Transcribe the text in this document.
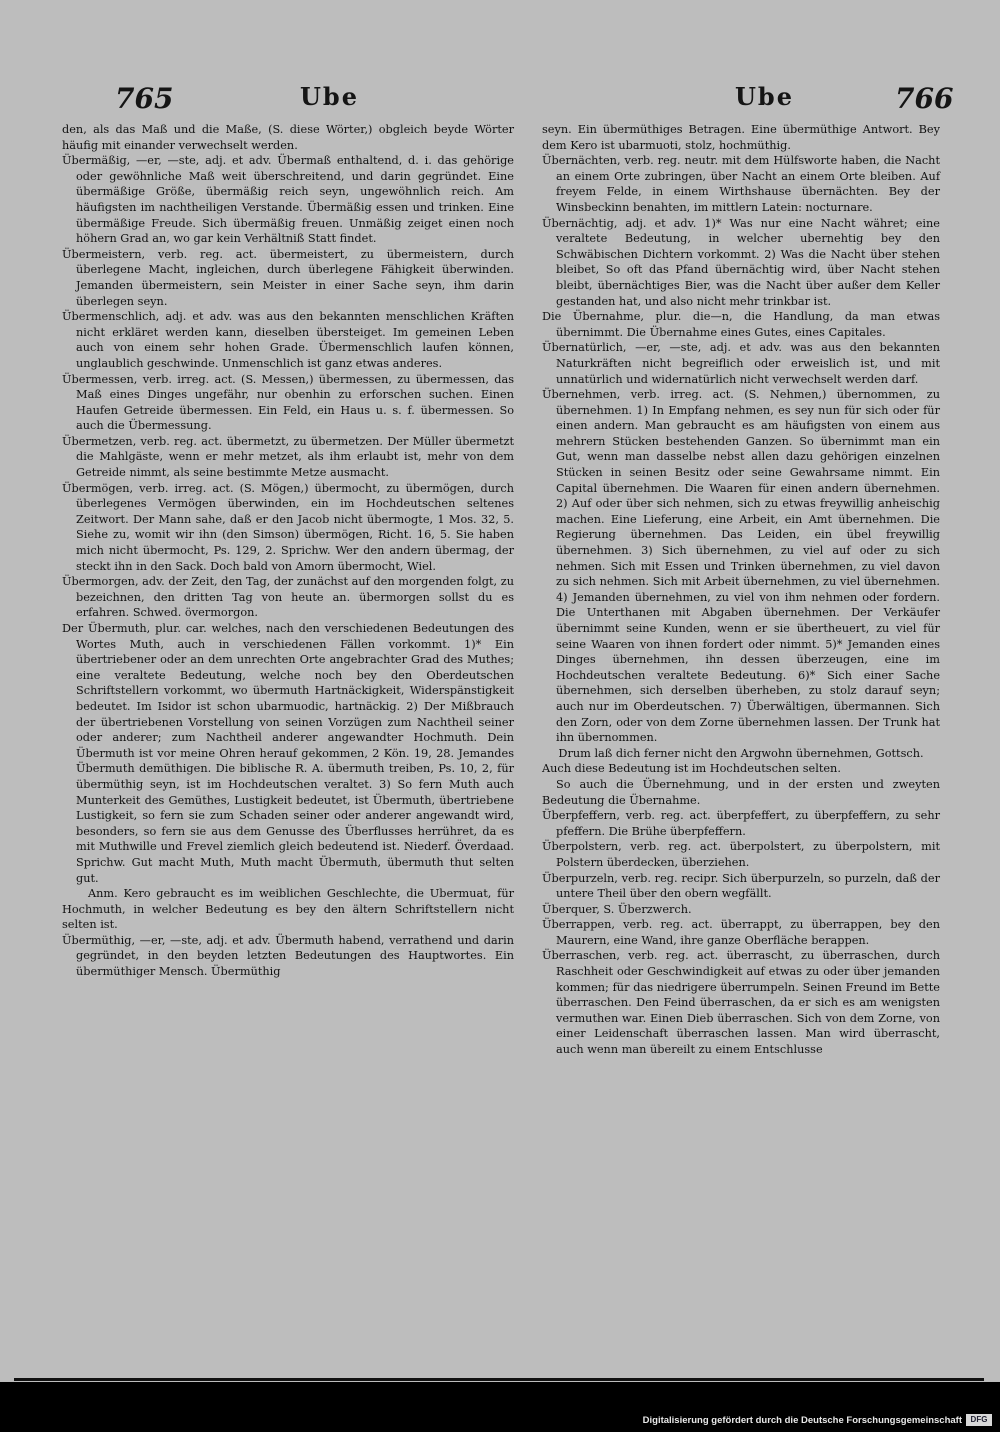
765	Ube	Ube	766

den, als das Maß und die Maße, (S. diese Wörter,) obgleich beyde Wörter häufig mit einander verwechselt werden.

Übermäßig, —er, —ste, adj. et adv. Übermaß enthaltend, d. i. das gehörige oder gewöhnliche Maß weit überschreitend, und darin gegründet. Eine übermäßige Größe, übermäßig reich seyn, ungewöhnlich reich. Am häufigsten im nachtheiligen Verstande. Übermäßig essen und trinken. Eine übermäßige Freude. Sich übermäßig freuen. Unmäßig zeiget einen noch höhern Grad an, wo gar kein Verhältniß Statt findet.

Übermeistern, verb. reg. act. übermeistert, zu übermeistern, durch überlegene Macht, ingleichen, durch überlegene Fähigkeit überwinden. Jemanden übermeistern, sein Meister in einer Sache seyn, ihm darin überlegen seyn.

Übermenschlich, adj. et adv. was aus den bekannten menschlichen Kräften nicht erkläret werden kann, dieselben übersteiget. Im gemeinen Leben auch von einem sehr hohen Grade. Übermenschlich laufen können, unglaublich geschwinde. Unmenschlich ist ganz etwas anderes.

Übermessen, verb. irreg. act. (S. Messen,) übermessen, zu übermessen, das Maß eines Dinges ungefähr, nur obenhin zu erforschen suchen. Einen Haufen Getreide übermessen. Ein Feld, ein Haus u. s. f. übermessen. So auch die Übermessung.

Übermetzen, verb. reg. act. übermetzt, zu übermetzen. Der Müller übermetzt die Mahlgäste, wenn er mehr metzet, als ihm erlaubt ist, mehr von dem Getreide nimmt, als seine bestimmte Metze ausmacht.

Übermögen, verb. irreg. act. (S. Mögen,) übermocht, zu übermögen, durch überlegenes Vermögen überwinden, ein im Hochdeutschen seltenes Zeitwort. Der Mann sahe, daß er den Jacob nicht übermogte, 1 Mos. 32, 5. Siehe zu, womit wir ihn (den Simson) übermögen, Richt. 16, 5. Sie haben mich nicht übermocht, Ps. 129, 2. Sprichw. Wer den andern übermag, der steckt ihn in den Sack. Doch bald von Amorn übermocht, Wiel.

Übermorgen, adv. der Zeit, den Tag, der zunächst auf den morgenden folgt, zu bezeichnen, den dritten Tag von heute an. übermorgen sollst du es erfahren. Schwed. övermorgon.

Der Übermuth, plur. car. welches, nach den verschiedenen Bedeutungen des Wortes Muth, auch in verschiedenen Fällen vorkommt. 1)* Ein übertriebener oder an dem unrechten Orte angebrachter Grad des Muthes; eine veraltete Bedeutung, welche noch bey den Oberdeutschen Schriftstellern vorkommt, wo übermuth Hartnäckigkeit, Widerspänstigkeit bedeutet. Im Isidor ist schon ubarmuodic, hartnäckig. 2) Der Mißbrauch der übertriebenen Vorstellung von seinen Vorzügen zum Nachtheil seiner oder anderer; zum Nachtheil anderer angewandter Hochmuth. Dein Übermuth ist vor meine Ohren herauf gekommen, 2 Kön. 19, 28. Jemandes Übermuth demüthigen. Die biblische R. A. übermuth treiben, Ps. 10, 2, für übermüthig seyn, ist im Hochdeutschen veraltet. 3) So fern Muth auch Munterkeit des Gemüthes, Lustigkeit bedeutet, ist Übermuth, übertriebene Lustigkeit, so fern sie zum Schaden seiner oder anderer angewandt wird, besonders, so fern sie aus dem Genusse des Überflusses herrühret, da es mit Muthwille und Frevel ziemlich gleich bedeutend ist. Niederf. Överdaad. Sprichw. Gut macht Muth, Muth macht Übermuth, übermuth thut selten gut.

Anm. Kero gebraucht es im weiblichen Geschlechte, die Ubermuat, für Hochmuth, in welcher Bedeutung es bey den ältern Schriftstellern nicht selten ist.

Übermüthig, —er, —ste, adj. et adv. Übermuth habend, verrathend und darin gegründet, in den beyden letzten Bedeutungen des Hauptwortes. Ein übermüthiger Mensch. Übermüthig

seyn. Ein übermüthiges Betragen. Eine übermüthige Antwort. Bey dem Kero ist ubarmuoti, stolz, hochmüthig.

Übernächten, verb. reg. neutr. mit dem Hülfsworte haben, die Nacht an einem Orte zubringen, über Nacht an einem Orte bleiben. Auf freyem Felde, in einem Wirthshause übernächten. Bey der Winsbeckinn benahten, im mittlern Latein: nocturnare.

Übernächtig, adj. et adv. 1)* Was nur eine Nacht währet; eine veraltete Bedeutung, in welcher ubernehtig bey den Schwäbischen Dichtern vorkommt. 2) Was die Nacht über stehen bleibet, So oft das Pfand übernächtig wird, über Nacht stehen bleibt, übernächtiges Bier, was die Nacht über außer dem Keller gestanden hat, und also nicht mehr trinkbar ist.

Die Übernahme, plur. die—n, die Handlung, da man etwas übernimmt. Die Übernahme eines Gutes, eines Capitales.

Übernatürlich, —er, —ste, adj. et adv. was aus den bekannten Naturkräften nicht begreiflich oder erweislich ist, und mit unnatürlich und widernatürlich nicht verwechselt werden darf.

Übernehmen, verb. irreg. act. (S. Nehmen,) übernommen, zu übernehmen. 1) In Empfang nehmen, es sey nun für sich oder für einen andern. Man gebraucht es am häufigsten von einem aus mehrern Stücken bestehenden Ganzen. So übernimmt man ein Gut, wenn man dasselbe nebst allen dazu gehörigen einzelnen Stücken in seinen Besitz oder seine Gewahrsame nimmt. Ein Capital übernehmen. Die Waaren für einen andern übernehmen. 2) Auf oder über sich nehmen, sich zu etwas freywillig anheischig machen. Eine Lieferung, eine Arbeit, ein Amt übernehmen. Die Regierung übernehmen. Das Leiden, ein übel freywillig übernehmen. 3) Sich übernehmen, zu viel auf oder zu sich nehmen. Sich mit Essen und Trinken übernehmen, zu viel davon zu sich nehmen. Sich mit Arbeit übernehmen, zu viel übernehmen. 4) Jemanden übernehmen, zu viel von ihm nehmen oder fordern. Die Unterthanen mit Abgaben übernehmen. Der Verkäufer übernimmt seine Kunden, wenn er sie übertheuert, zu viel für seine Waaren von ihnen fordert oder nimmt. 5)* Jemanden eines Dinges übernehmen, ihn dessen überzeugen, eine im Hochdeutschen veraltete Bedeutung. 6)* Sich einer Sache übernehmen, sich derselben überheben, zu stolz darauf seyn; auch nur im Oberdeutschen. 7) Überwältigen, übermannen. Sich den Zorn, oder von dem Zorne übernehmen lassen. Der Trunk hat ihn übernommen.

Drum laß dich ferner nicht den Argwohn übernehmen, Gottsch.

Auch diese Bedeutung ist im Hochdeutschen selten.

So auch die Übernehmung, und in der ersten und zweyten Bedeutung die Übernahme.

Überpfeffern, verb. reg. act. überpfeffert, zu überpfeffern, zu sehr pfeffern. Die Brühe überpfeffern.

Überpolstern, verb. reg. act. überpolstert, zu überpolstern, mit Polstern überdecken, überziehen.

Überpurzeln, verb. reg. recipr. Sich überpurzeln, so purzeln, daß der untere Theil über den obern wegfällt.

Überquer, S. Überzwerch.

Überrappen, verb. reg. act. überrappt, zu überrappen, bey den Maurern, eine Wand, ihre ganze Oberfläche berappen.

Überraschen, verb. reg. act. überrascht, zu überraschen, durch Raschheit oder Geschwindigkeit auf etwas zu oder über jemanden kommen; für das niedrigere überrumpeln. Seinen Freund im Bette überraschen. Den Feind überraschen, da er sich es am wenigsten vermuthen war. Einen Dieb überraschen. Sich von dem Zorne, von einer Leidenschaft überraschen lassen. Man wird überrascht, auch wenn man übereilt zu einem Entschlusse

Digitalisierung gefördert durch die Deutsche Forschungsgemeinschaft	DFG
